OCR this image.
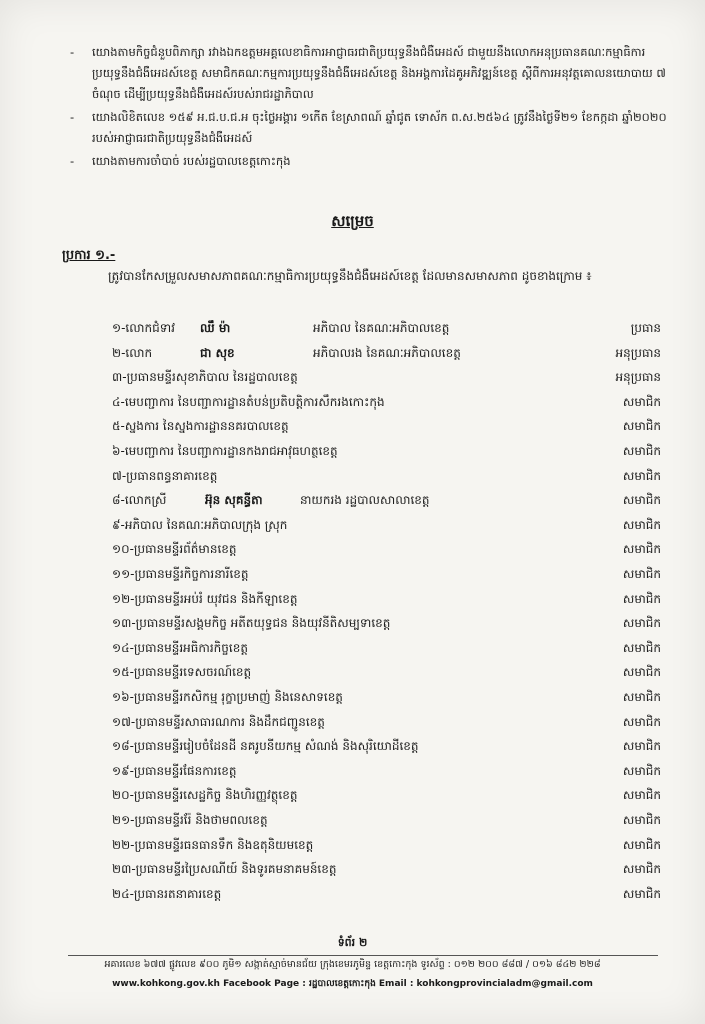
-	យោងតាមកិច្ចជំនួបពិភាក្សា រវាងឯកឧត្តមអគ្គលេខាធិការអាជ្ញាធរជាតិប្រយុទ្ធនឹងជំងឺអេដស៍ ជាមួយនឹងលោកអនុប្រធានគណៈកម្មាធិការប្រយុទ្ធនឹងជំងឺអេដស៍ខេត្ត សមាជិកគណៈកម្មការប្រយុទ្ធនឹងជំងឺអេដស៍ខេត្ត និងអង្គការដៃគូអភិវឌ្ឍន៍ខេត្ត ស្តីពីការអនុវត្តគោលនយោបាយ ៧ ចំណុច ដើម្បីប្រយុទ្ធនឹងជំងឺអេដស៍របស់រាជរដ្ឋាភិបាល
-	យោងលិខិតលេខ ១៥៩ អ.ជ.ប.ជ.អ ចុះថ្ងៃអង្គារ ១កើត ខែស្រាពណ៍ ឆ្នាំជូត ទោស័ក ព.ស.២៥៦៤ ត្រូវនឹងថ្ងៃទី២១ ខែកក្កដា ឆ្នាំ២០២០ របស់អាជ្ញាធរជាតិប្រយុទ្ធនឹងជំងឺអេដស៍
-	យោងតាមការចាំបាច់ របស់រដ្ឋបាលខេត្តកោះកុង
សម្រេច
ប្រការ ១.-
ត្រូវបានកែសម្រួលសមាសភាពគណៈកម្មាធិការប្រយុទ្ធនឹងជំងឺអេដស៍ខេត្ត ដែលមានសមាសភាព ដូចខាងក្រោម ៖
១-លោកជំទាវ ឈឹ ម៉ា	អភិបាល នៃគណៈអភិបាលខេត្ត	ប្រធាន
២-លោក	ជា សុខ	អភិបាលរង នៃគណៈអភិបាលខេត្ត	អនុប្រធាន
៣-ប្រធានមន្ទីរសុខាភិបាល នៃរដ្ឋបាលខេត្ត	អនុប្រធាន
៤-មេបញ្ជាការ នៃបញ្ជាការដ្ឋានតំបន់ប្រតិបត្តិការសឹករងកោះកុង	សមាជិក
៥-ស្នងការ នៃស្នងការដ្ឋាននគរបាលខេត្ត	សមាជិក
៦-មេបញ្ជាការ នៃបញ្ជាការដ្ឋានកងរាជអាវុធហត្ថខេត្ត	សមាជិក
៧-ប្រធានពន្ធនាគារខេត្ត	សមាជិក
៨-លោកស្រី	អ៊ុន សុគន្ធីតា	នាយករង រដ្ឋបាលសាលាខេត្ត	សមាជិក
៩-អភិបាល នៃគណៈអភិបាលក្រុង ស្រុក	សមាជិក
១០-ប្រធានមន្ទីរព័ត៌មានខេត្ត	សមាជិក
១១-ប្រធានមន្ទីរកិច្ចការនារីខេត្ត	សមាជិក
១២-ប្រធានមន្ទីរអប់រំ យុវជន និងកីឡាខេត្ត	សមាជិក
១៣-ប្រធានមន្ទីរសង្គមកិច្ច អតីតយុទ្ធជន និងយុវនីតិសម្បទាខេត្ត	សមាជិក
១៤-ប្រធានមន្ទីរអធិការកិច្ចខេត្ត	សមាជិក
១៥-ប្រធានមន្ទីរទេសចរណ៍ខេត្ត	សមាជិក
១៦-ប្រធានមន្ទីរកសិកម្ម រុក្ខាប្រមាញ់ និងនេសាទខេត្ត	សមាជិក
១៧-ប្រធានមន្ទីរសាធារណការ និងដឹកជញ្ជូនខេត្ត	សមាជិក
១៨-ប្រធានមន្ទីររៀបចំដែនដី នគរូបនីយកម្ម សំណង់ និងសុរិយោដីខេត្ត	សមាជិក
១៩-ប្រធានមន្ទីរផែនការខេត្ត	សមាជិក
២០-ប្រធានមន្ទីរសេដ្ឋកិច្ច និងហិរញ្ញវត្ថុខេត្ត	សមាជិក
២១-ប្រធានមន្ទីររ៉ែ និងថាមពលខេត្ត	សមាជិក
២២-ប្រធានមន្ទីរធនធានទឹក និងឧតុនិយមខេត្ត	សមាជិក
២៣-ប្រធានមន្ទីរប្រៃសណីយ៍ និងទូរគមនាគមន៍ខេត្ត	សមាជិក
២៤-ប្រធានរតនាគារខេត្ត	សមាជិក
ទំព័រ ២
អគារលេខ ៦៧៧ ផ្លូវលេខ ៩០០ ភូមិ១ សង្កាត់ស្មាច់មានជ័យ ក្រុងខេមរភូមិន្ទ ខេត្តកោះកុង ទូរស័ព្ទ : ០១២ ២០០ ៨៨៧ / ០១៦ ៨៤២ ២២៨
www.kohkong.gov.kh Facebook Page : រដ្ឋបាលខេត្តកោះកុង Email : kohkongprovincialadm@gmail.com
